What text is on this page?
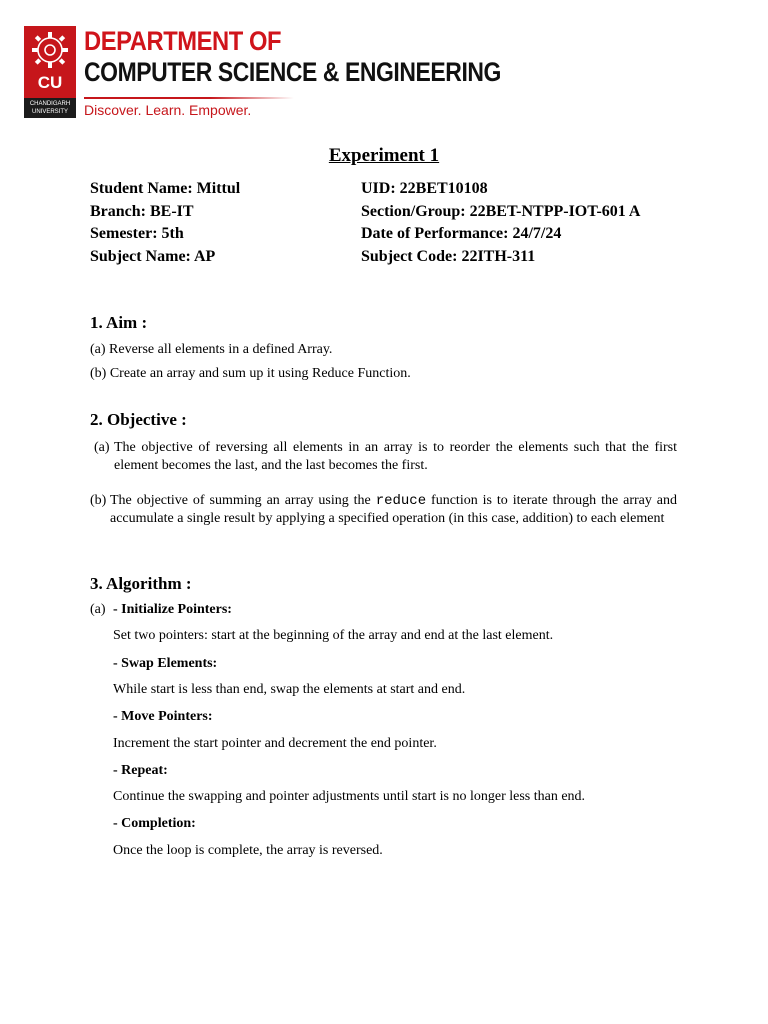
CU
CHANDIGARH UNIVERSITY
DEPARTMENT OF
COMPUTER SCIENCE & ENGINEERING
Discover. Learn. Empower.
Experiment 1
Student Name: Mittul
Branch: BE-IT
Semester: 5th
Subject Name: AP
UID: 22BET10108
Section/Group: 22BET-NTPP-IOT-601 A
Date of Performance: 24/7/24
Subject Code: 22ITH-311
1. Aim :
(a) Reverse all elements in a defined Array.
(b) Create an array and sum up it using Reduce Function.
2. Objective :
(a) The objective of reversing all elements in an array is to reorder the elements such that the first element becomes the last, and the last becomes the first.
(b) The objective of summing an array using the reduce function is to iterate through the array and accumulate a single result by applying a specified operation (in this case, addition) to each element
3. Algorithm :
(a) - Initialize Pointers:
Set two pointers: start at the beginning of the array and end at the last element.
- Swap Elements:
While start is less than end, swap the elements at start and end.
- Move Pointers:
Increment the start pointer and decrement the end pointer.
- Repeat:
Continue the swapping and pointer adjustments until start is no longer less than end.
- Completion:
Once the loop is complete, the array is reversed.
